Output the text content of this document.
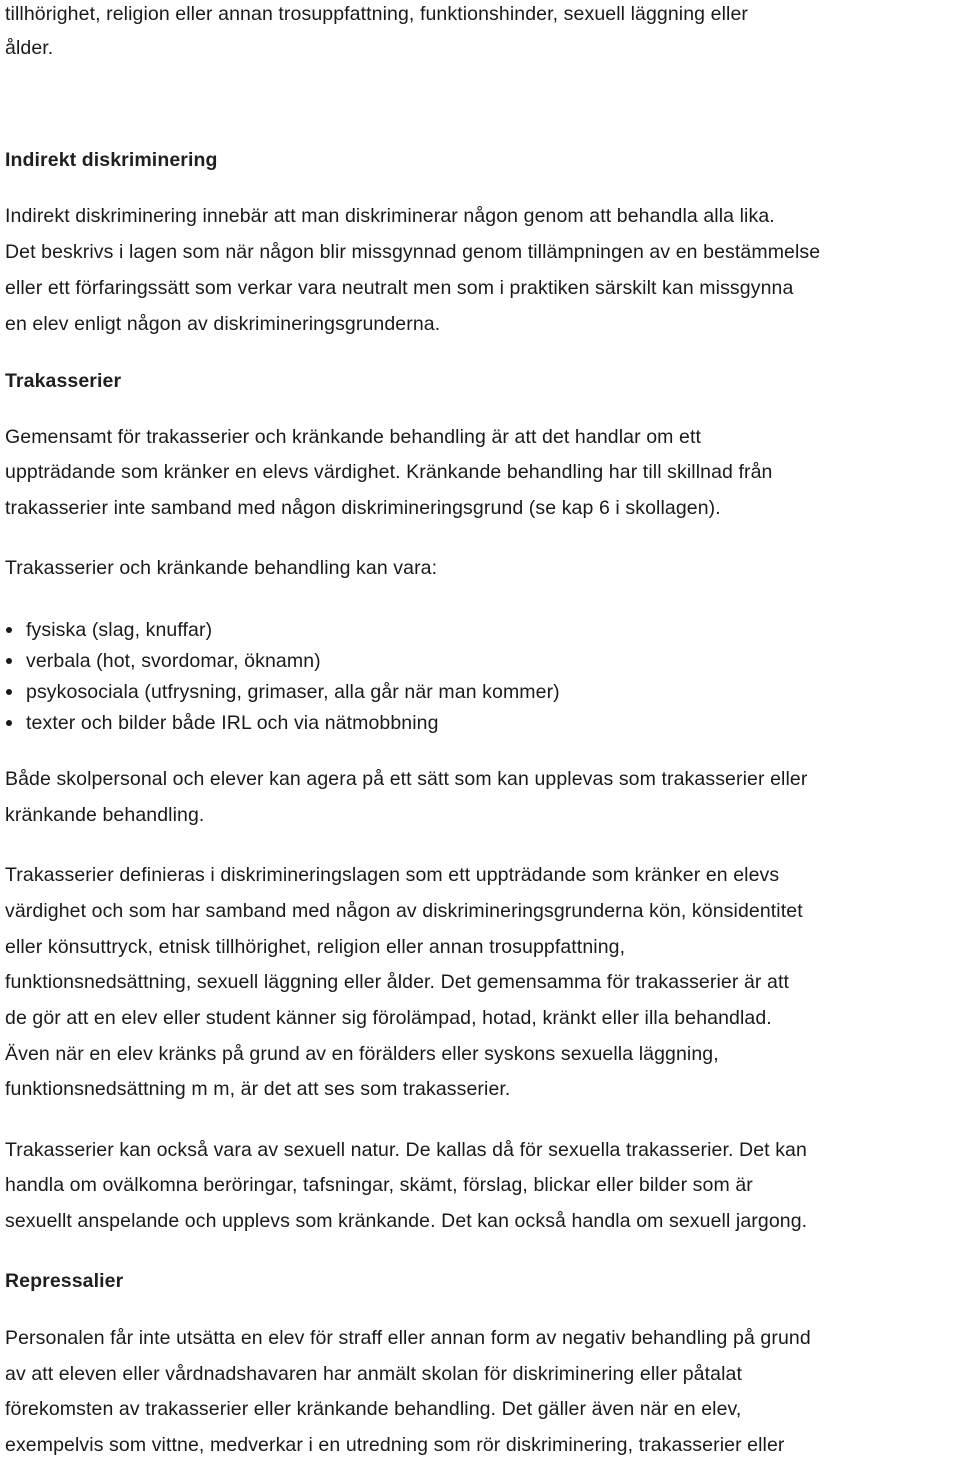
tillhörighet, religion eller annan trosuppfattning, funktionshinder, sexuell läggning eller
ålder.
Indirekt diskriminering
Indirekt diskriminering innebär att man diskriminerar någon genom att behandla alla lika.
Det beskrivs i lagen som när någon blir missgynnad genom tillämpningen av en bestämmelse
eller ett förfaringssätt som verkar vara neutralt men som i praktiken särskilt kan missgynna
en elev enligt någon av diskrimineringsgrunderna.
Trakasserier
Gemensamt för trakasserier och kränkande behandling är att det handlar om ett
uppträdande som kränker en elevs värdighet. Kränkande behandling har till skillnad från
trakasserier inte samband med någon diskrimineringsgrund (se kap 6 i skollagen).
Trakasserier och kränkande behandling kan vara:
fysiska (slag, knuffar)
verbala (hot, svordomar, öknamn)
psykosociala (utfrysning, grimaser, alla går när man kommer)
texter och bilder både IRL och via nätmobbning
Både skolpersonal och elever kan agera på ett sätt som kan upplevas som trakasserier eller
kränkande behandling.
Trakasserier definieras i diskrimineringslagen som ett uppträdande som kränker en elevs
värdighet och som har samband med någon av diskrimineringsgrunderna kön, könsidentitet
eller könsuttryck, etnisk tillhörighet, religion eller annan trosuppfattning,
funktionsnedsättning, sexuell läggning eller ålder. Det gemensamma för trakasserier är att
de gör att en elev eller student känner sig förolämpad, hotad, kränkt eller illa behandlad.
Även när en elev kränks på grund av en förälders eller syskons sexuella läggning,
funktionsnedsättning m m, är det att ses som trakasserier.
Trakasserier kan också vara av sexuell natur. De kallas då för sexuella trakasserier. Det kan
handla om ovälkomna beröringar, tafsningar, skämt, förslag, blickar eller bilder som är
sexuellt anspelande och upplevs som kränkande. Det kan också handla om sexuell jargong.
Repressalier
Personalen får inte utsätta en elev för straff eller annan form av negativ behandling på grund
av att eleven eller vårdnadshavaren har anmält skolan för diskriminering eller påtalat
förekomsten av trakasserier eller kränkande behandling. Det gäller även när en elev,
exempelvis som vittne, medverkar i en utredning som rör diskriminering, trakasserier eller
